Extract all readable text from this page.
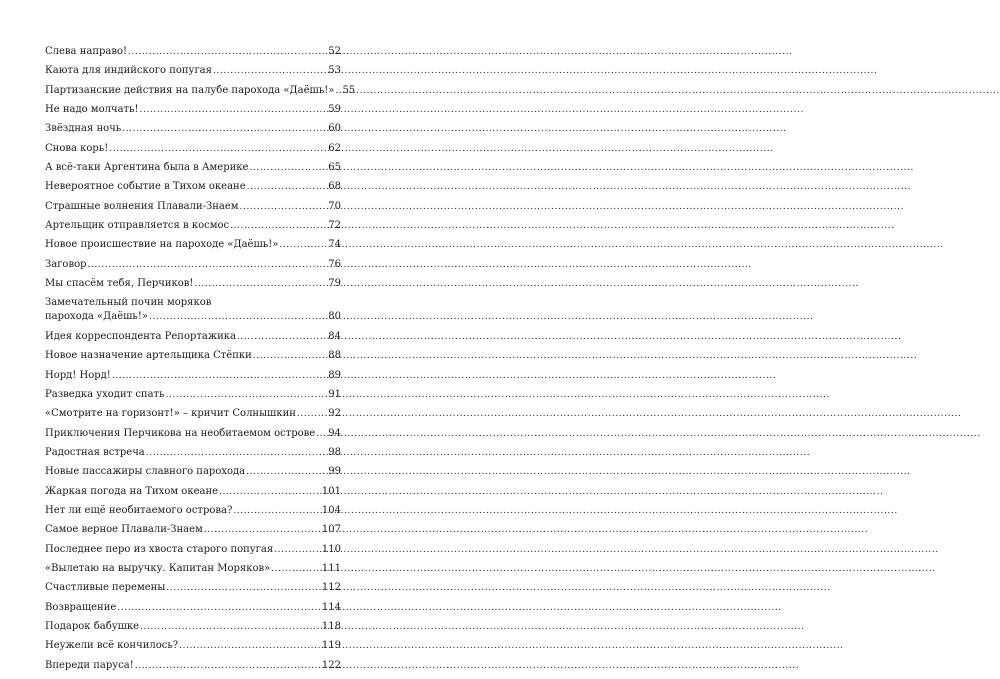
Слева направо! .....	52
Каюта для индийского попугая .....	53
Партизанские действия на палубе парохода «Даёшь!» ..... 55
Не надо молчать! .....	59
Звёздная ночь .....	60
Снова корь! .....	62
А всё-таки Аргентина была в Америке .....	65
Невероятное событие в Тихом океане .....	68
Страшные волнения Плавали-Знаем .....	70
Артельщик отправляется в космос .....	72
Новое происшествие на пароходе «Даёшь!» .....	74
Заговор .....	76
Мы спасём тебя, Перчиков! .....	79
Замечательный почин моряков
парохода «Даёшь!» .....	80
Идея корреспондента Репортажика .....	84
Новое назначение артельщика Стёпки .....	88
Норд! Норд! .....	89
Разведка уходит спать .....	91
«Смотрите на горизонт!» – кричит Солнышкин .....	92
Приключения Перчикова на необитаемом острове ..... 94
Радостная встреча .....	98
Новые пассажиры славного парохода .....	99
Жаркая погода на Тихом океане .....	101
Нет ли ещё необитаемого острова? .....	104
Самое верное Плавали-Знаем .....	107
Последнее перо из хвоста старого попугая .....	110
«Вылетаю на выручку. Капитан Моряков» .....	111
Счастливые перемены .....	112
Возвращение .....	114
Подарок бабушке .....	118
Неужели всё кончилось? .....	119
Впереди паруса! .....	122
